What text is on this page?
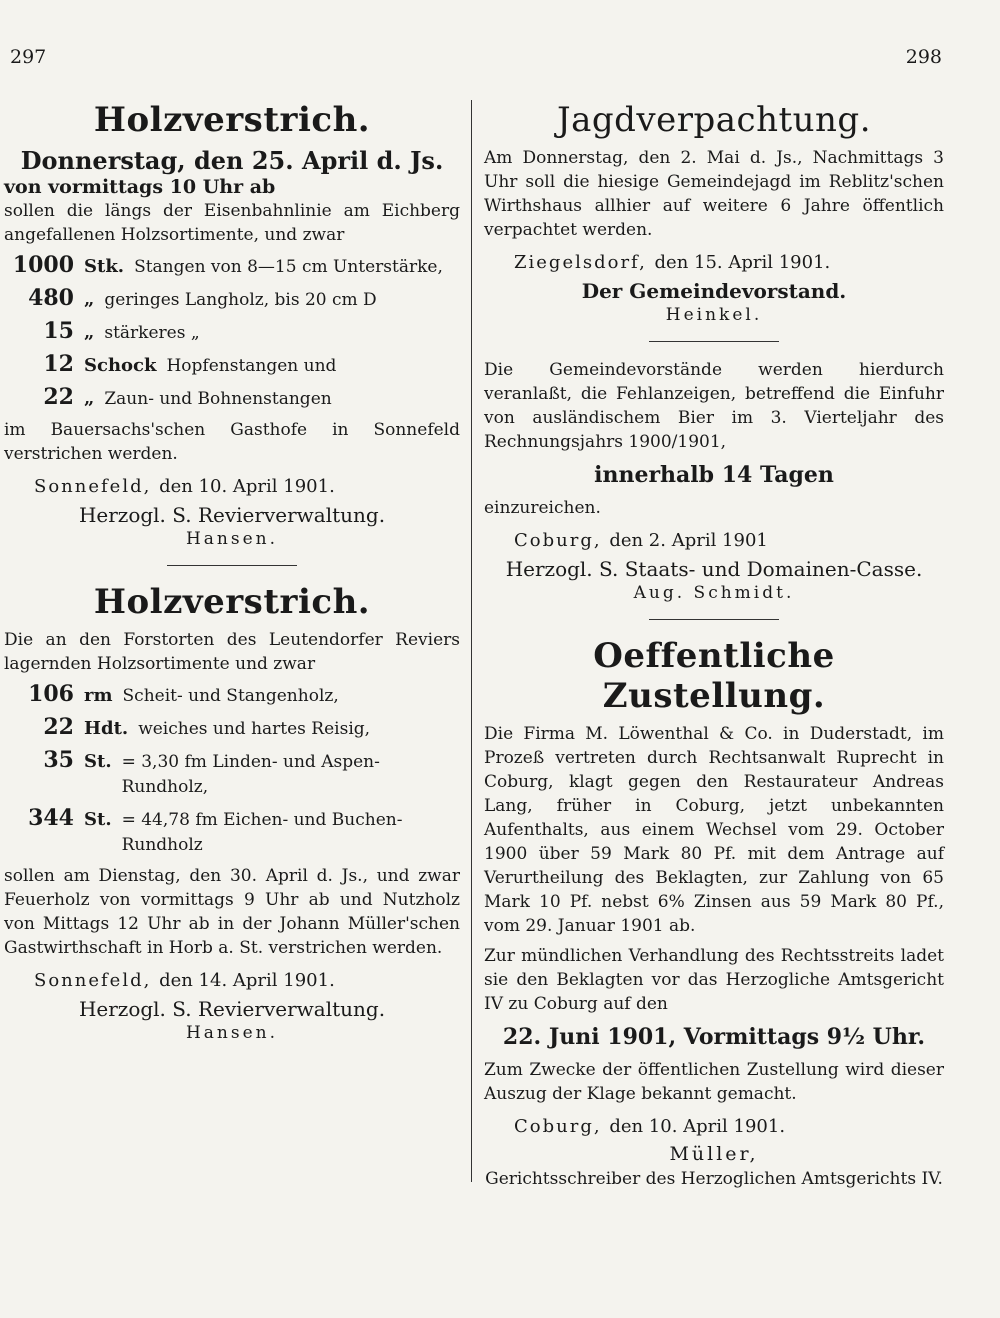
297	298
Holzverstrich.

Donnerstag, den 25. April d. Js.

von vormittags 10 Uhr ab

sollen die längs der Eisenbahnlinie am Eichberg angefallenen Holzsortimente, und zwar

1000 Stk. Stangen von 8—15 cm Unterstärke,
480 „ geringes Langholz, bis 20 cm D
15 „ stärkeres „
12 Schock Hopfenstangen und
22 „ Zaun- und Bohnenstangen

im Bauersachs'schen Gasthofe in Sonnefeld verstrichen werden.

Sonnefeld, den 10. April 1901.

Herzogl. S. Revierverwaltung.

Hansen.

Holzverstrich.

Die an den Forstorten des Leutendorfer Reviers lagernden Holzsortimente und zwar

106 rm Scheit- und Stangenholz,
22 Hdt. weiches und hartes Reisig,
35 St. = 3,30 fm Linden- und Aspen-Rundholz,
344 St. = 44,78 fm Eichen- und Buchen-Rundholz

sollen am Dienstag, den 30. April d. Js., und zwar Feuerholz von vormittags 9 Uhr ab und Nutzholz von Mittags 12 Uhr ab in der Johann Müller'schen Gastwirthschaft in Horb a. St. verstrichen werden.

Sonnefeld, den 14. April 1901.

Herzogl. S. Revierverwaltung.

Hansen.

Jagdverpachtung.

Am Donnerstag, den 2. Mai d. Js., Nachmittags 3 Uhr soll die hiesige Gemeindejagd im Reblitz'schen Wirthshaus allhier auf weitere 6 Jahre öffentlich verpachtet werden.

Ziegelsdorf, den 15. April 1901.

Der Gemeindevorstand.

Heinkel.

Die Gemeindevorstände werden hierdurch veranlaßt, die Fehlanzeigen, betreffend die Einfuhr von ausländischem Bier im 3. Vierteljahr des Rechnungsjahrs 1900/1901,

innerhalb 14 Tagen

einzureichen.

Coburg, den 2. April 1901

Herzogl. S. Staats- und Domainen-Casse.

Aug. Schmidt.

Oeffentliche Zustellung.

Die Firma M. Löwenthal & Co. in Duderstadt, im Prozeß vertreten durch Rechtsanwalt Ruprecht in Coburg, klagt gegen den Restaurateur Andreas Lang, früher in Coburg, jetzt unbekannten Aufenthalts, aus einem Wechsel vom 29. October 1900 über 59 Mark 80 Pf. mit dem Antrage auf Verurtheilung des Beklagten, zur Zahlung von 65 Mark 10 Pf. nebst 6% Zinsen aus 59 Mark 80 Pf., vom 29. Januar 1901 ab.

Zur mündlichen Verhandlung des Rechtsstreits ladet sie den Beklagten vor das Herzogliche Amtsgericht IV zu Coburg auf den

22. Juni 1901, Vormittags 9½ Uhr.

Zum Zwecke der öffentlichen Zustellung wird dieser Auszug der Klage bekannt gemacht.

Coburg, den 10. April 1901.

Müller,

Gerichtsschreiber des Herzoglichen Amtsgerichts IV.
